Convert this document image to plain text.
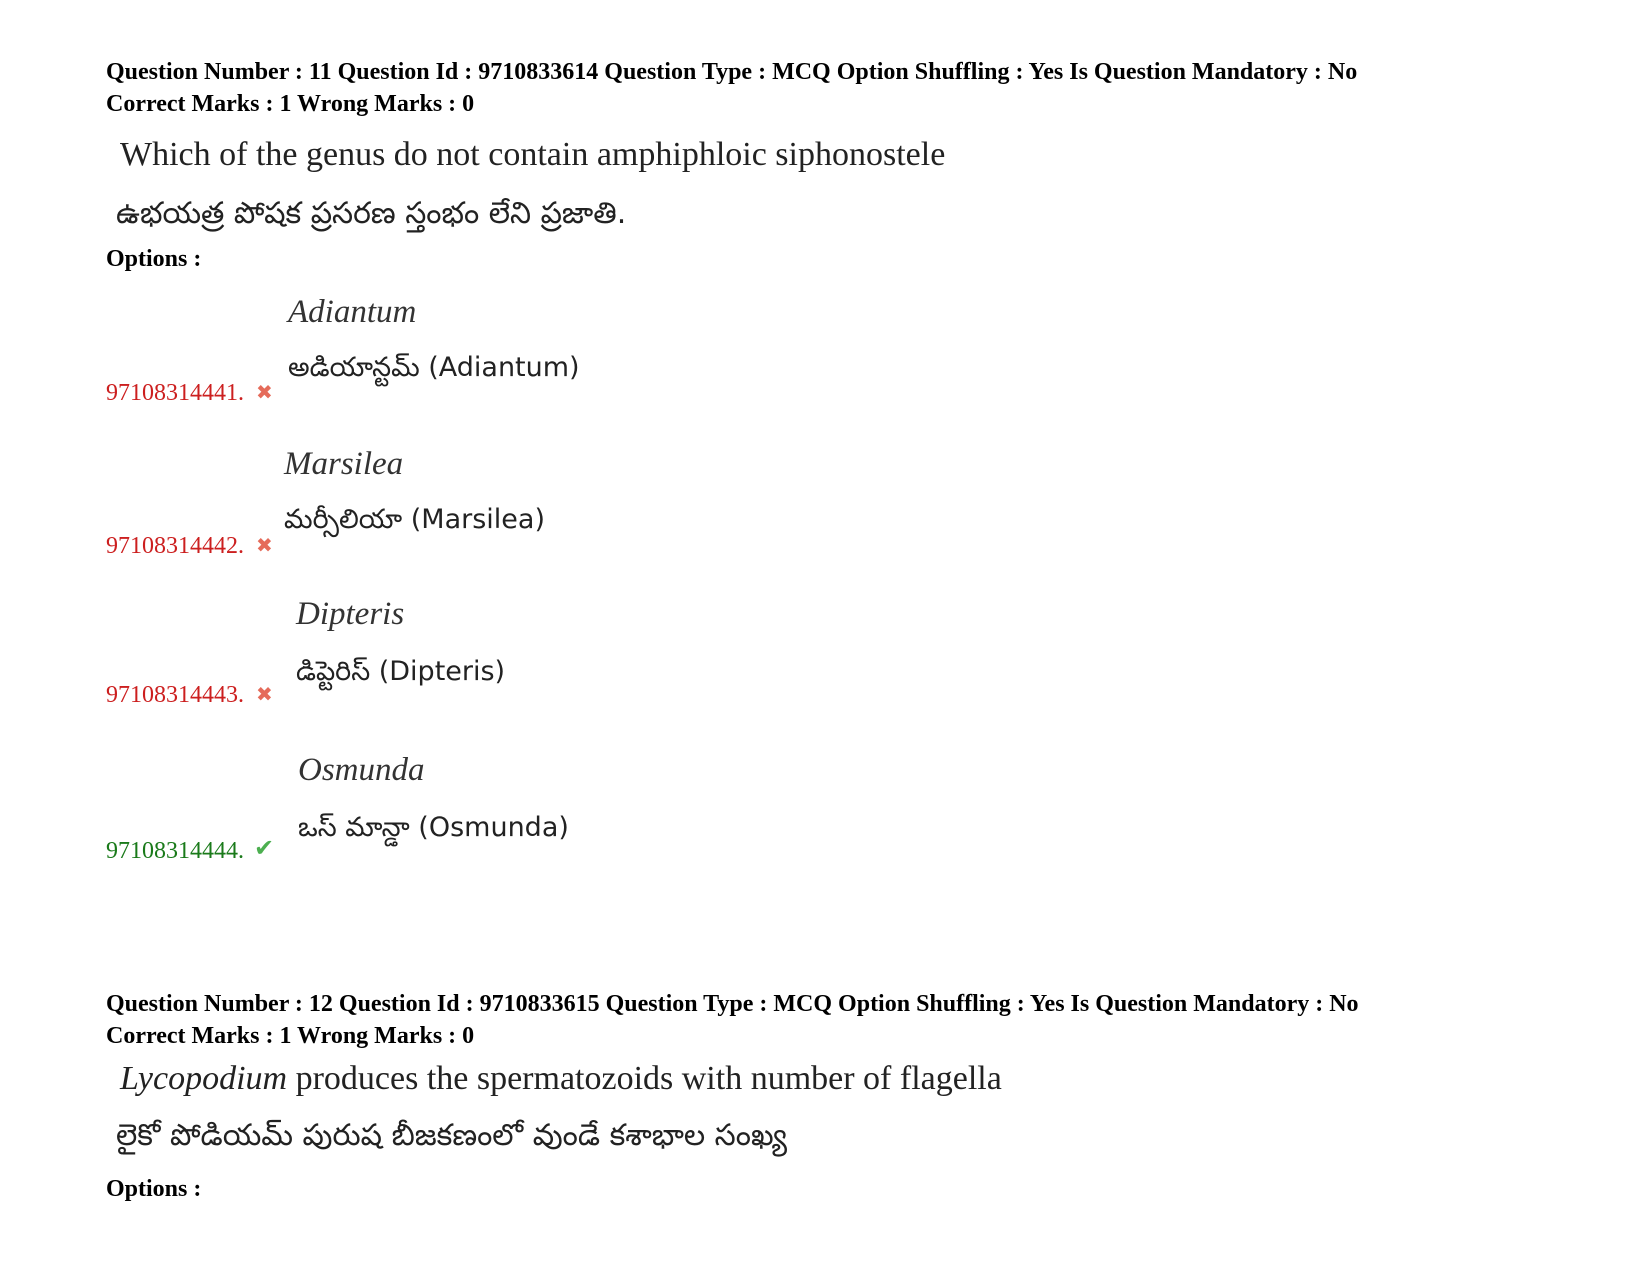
Question Number : 11 Question Id : 9710833614 Question Type : MCQ Option Shuffling : Yes Is Question Mandatory : No
Correct Marks : 1 Wrong Marks : 0
Which of the genus do not contain amphiphloic siphonostele
ఉభయత్ర పోషక ప్రసరణ స్తంభం లేని ప్రజాతి.
Options :
Adiantum
అడియాన్టమ్ (Adiantum)
97108314441. ✖
Marsilea
మర్సీలియా (Marsilea)
97108314442. ✖
Dipteris
డిప్టెరిస్ (Dipteris)
97108314443. ✖
Osmunda
ఒస్ మాన్డా (Osmunda)
97108314444. ✔
Question Number : 12 Question Id : 9710833615 Question Type : MCQ Option Shuffling : Yes Is Question Mandatory : No
Correct Marks : 1 Wrong Marks : 0
Lycopodium produces the spermatozoids with number of flagella
లైకో పోడియమ్ పురుష బీజకణంలో వుండే కశాభాల సంఖ్య
Options :
